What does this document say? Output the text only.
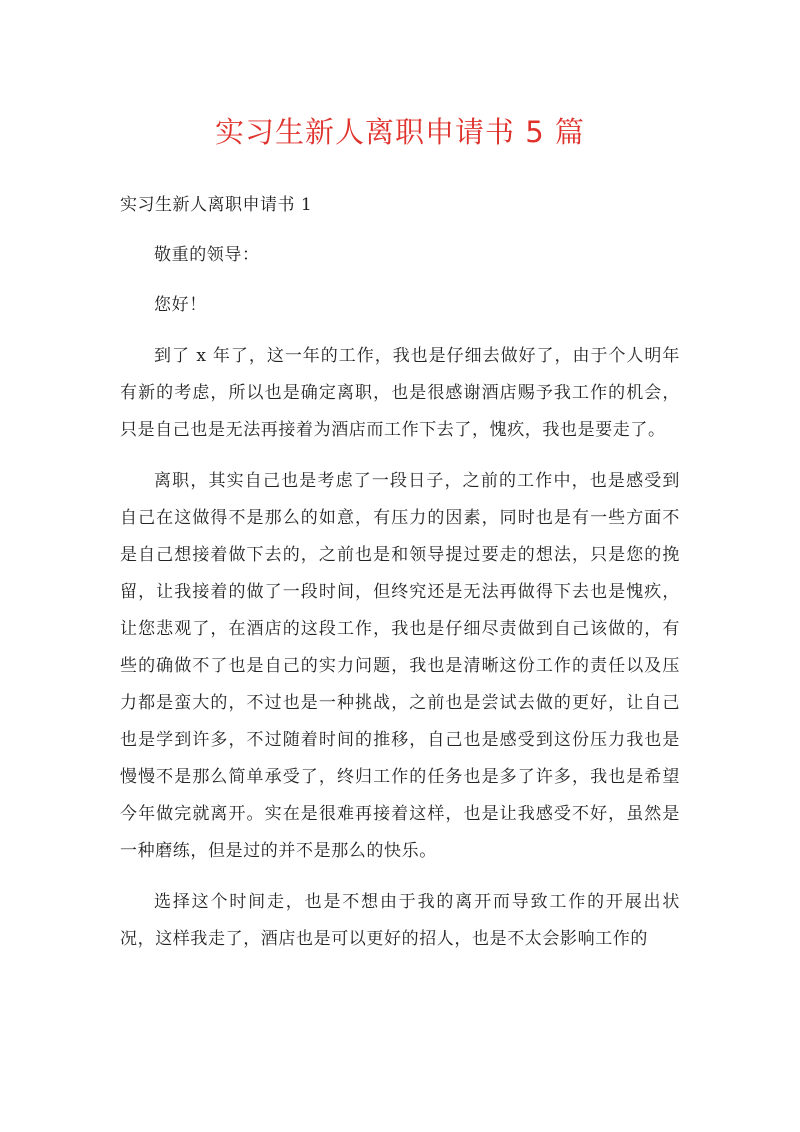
实习生新人离职申请书 5 篇
实习生新人离职申请书 1

敬重的领导：

您好！

到了 x 年了，这一年的工作，我也是仔细去做好了，由于个人明年有新的考虑，所以也是确定离职，也是很感谢酒店赐予我工作的机会，只是自己也是无法再接着为酒店而工作下去了，愧疚，我也是要走了。

离职，其实自己也是考虑了一段日子，之前的工作中，也是感受到自己在这做得不是那么的如意，有压力的因素，同时也是有一些方面不是自己想接着做下去的，之前也是和领导提过要走的想法，只是您的挽留，让我接着的做了一段时间，但终究还是无法再做得下去也是愧疚，让您悲观了，在酒店的这段工作，我也是仔细尽责做到自己该做的，有些的确做不了也是自己的实力问题，我也是清晰这份工作的责任以及压力都是蛮大的，不过也是一种挑战，之前也是尝试去做的更好，让自己也是学到许多，不过随着时间的推移，自己也是感受到这份压力我也是慢慢不是那么简单承受了，终归工作的任务也是多了许多，我也是希望今年做完就离开。实在是很难再接着这样，也是让我感受不好，虽然是一种磨练，但是过的并不是那么的快乐。

选择这个时间走，也是不想由于我的离开而导致工作的开展出状况，这样我走了，酒店也是可以更好的招人，也是不太会影响工作的
